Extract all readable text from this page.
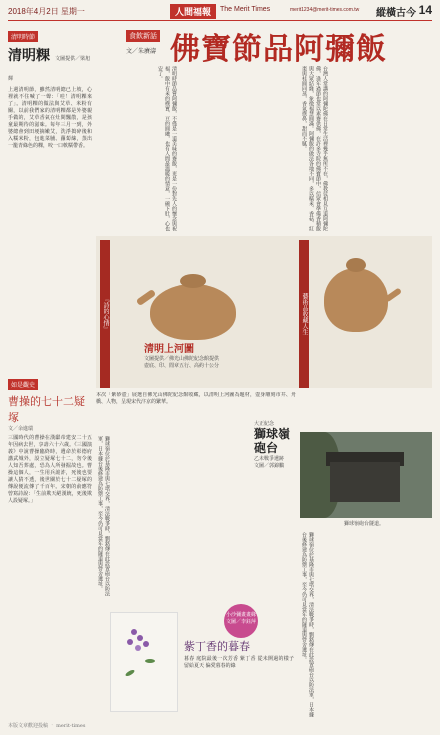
2018年4月2日 星期一	人間福報	The Merit Times	merit1234@merit-times.com.tw 縱橫古今 14
食飲新話
文／朱賡濤 佛寶節品阿彌飯
台灣人常講的阿彌陀佛在日常生活裡幾乎無所不在，佛教徒相見互道阿彌陀佛，逢年過節也常以素齋供佛，在許多寺院的佛寶節中，信眾會準備香積飯與大眾結緣，象徵福慧圓滿。阿彌飯的做法各地不同，多以糯米、香菇、紅棗與桂圓同蒸，香氣撲鼻，甜而不膩。
清明時節品嘗阿彌飯，不僅是一道美味的齋飯，更是一份對先人的懷念與祝福，飯中有米的樸實、豆的圓融，也有人間最溫暖的情意，一碗下肚，心也安了。
清明時節
清明粿 文圖提供／梁旭輝
上週清明節，雖然清明總已上坡，心裡就不住喊了一聲：「哇！清明粿來了」。清明粿的做法與艾草、米粉有關，以前我們家的清明粿都是外婆親手做的，艾草香氣在灶間飄散，是孩童最期待的滋味。每年三月一到，外婆總會到田埂摘嫩艾，洗淨搗碎後和入糯米粉，包進菜脯、蘿蔔絲，蒸出一籠青綠色的粿，咬一口軟糯帶香。
如是觀史
曹操的七十二疑塚
文／余進瑞
三國時代的曹操在漢獻帝建安二十五年因病去世，享壽六十六歲。《三國演義》中說曹操臨終時，遺命於彰德府講武城外，設立疑塚七十二，勿令後人知吾葬處，恐為人所發掘故也。曹操這個人，一生用兵詭詐，死後也要讓人猜不透，後世關於七十二疑塚的傳說便流傳了千百年。宋朝的俞應符曾寫詩說：「生前欺天絕漢統，死後欺人設疑塚。」
『詩的心情』	藝術品收藏人生
清明上河圖
文圖提供／佛光山佛陀紀念館提供
壺底、印、閒章五行、高約十公分
本次「紫砂壺」展選自佛光山佛陀紀念館收藏，以清明上河圖為題材，壺身雕刻市井、舟橋、人物，呈現宋代汴京的繁華。
大正紀念
獅球嶺砲台
乙未戰爭遺跡
文圖／郭錦鵬
獅球嶺砲台隧道。
獅球嶺位於基隆市與七堵交界，清法戰爭時，劉銘傳在此設置砲台以防法軍，日本據台後修建為防禦工事，至今仍可見當年的隧道與營舍遺址。
獅球嶺位於基隆市與七堵交界，清法戰爭時，劉銘傳在此設置砲台以防法軍，日本據台後修建為防禦工事，至今仍可見當年的隧道與營舍遺址。
小沙彌畫畫緣
文圖／李鈺萍
紫丁香的暮春
暮春 庭院最後一次芳香 紫丁香 從未開過的樣子 留給夏天 偏愛暮春的綠
本版文章歡迎投稿 ‧ merit-times
